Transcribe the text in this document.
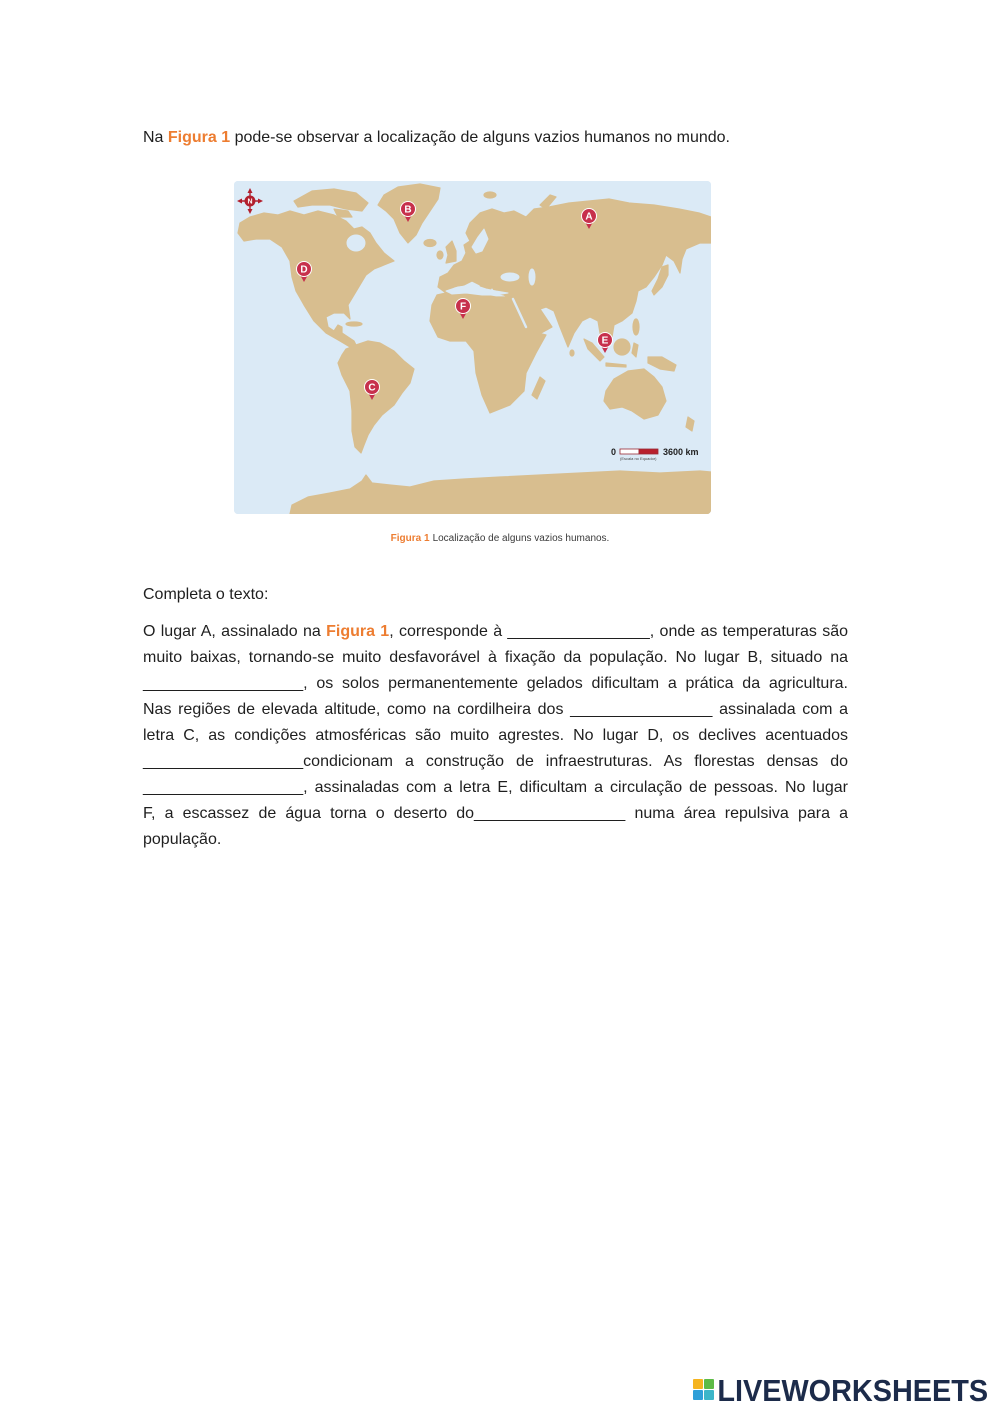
Na Figura 1 pode-se observar a localização de alguns vazios humanos no mundo.
N
A
B
C
D
E
F
0	3600 km
(Escala no Equador)
Figura 1 Localização de alguns vazios humanos.
Completa o texto:
O lugar A, assinalado na Figura 1, corresponde à ________________, onde as temperaturas são
muito baixas, tornando-se muito desfavorável à fixação da população. No lugar B, situado na
__________________, os solos permanentemente gelados dificultam a prática da agricultura.
Nas regiões de elevada altitude, como na cordilheira dos ________________ assinalada com a
letra C, as condições atmosféricas são muito agrestes. No lugar D, os declives acentuados
__________________condicionam a construção de infraestruturas. As florestas densas do
__________________, assinaladas com a letra E, dificultam a circulação de pessoas. No lugar
F, a escassez de água torna o deserto do_________________ numa área repulsiva para a
população.
LIVEWORKSHEETS
